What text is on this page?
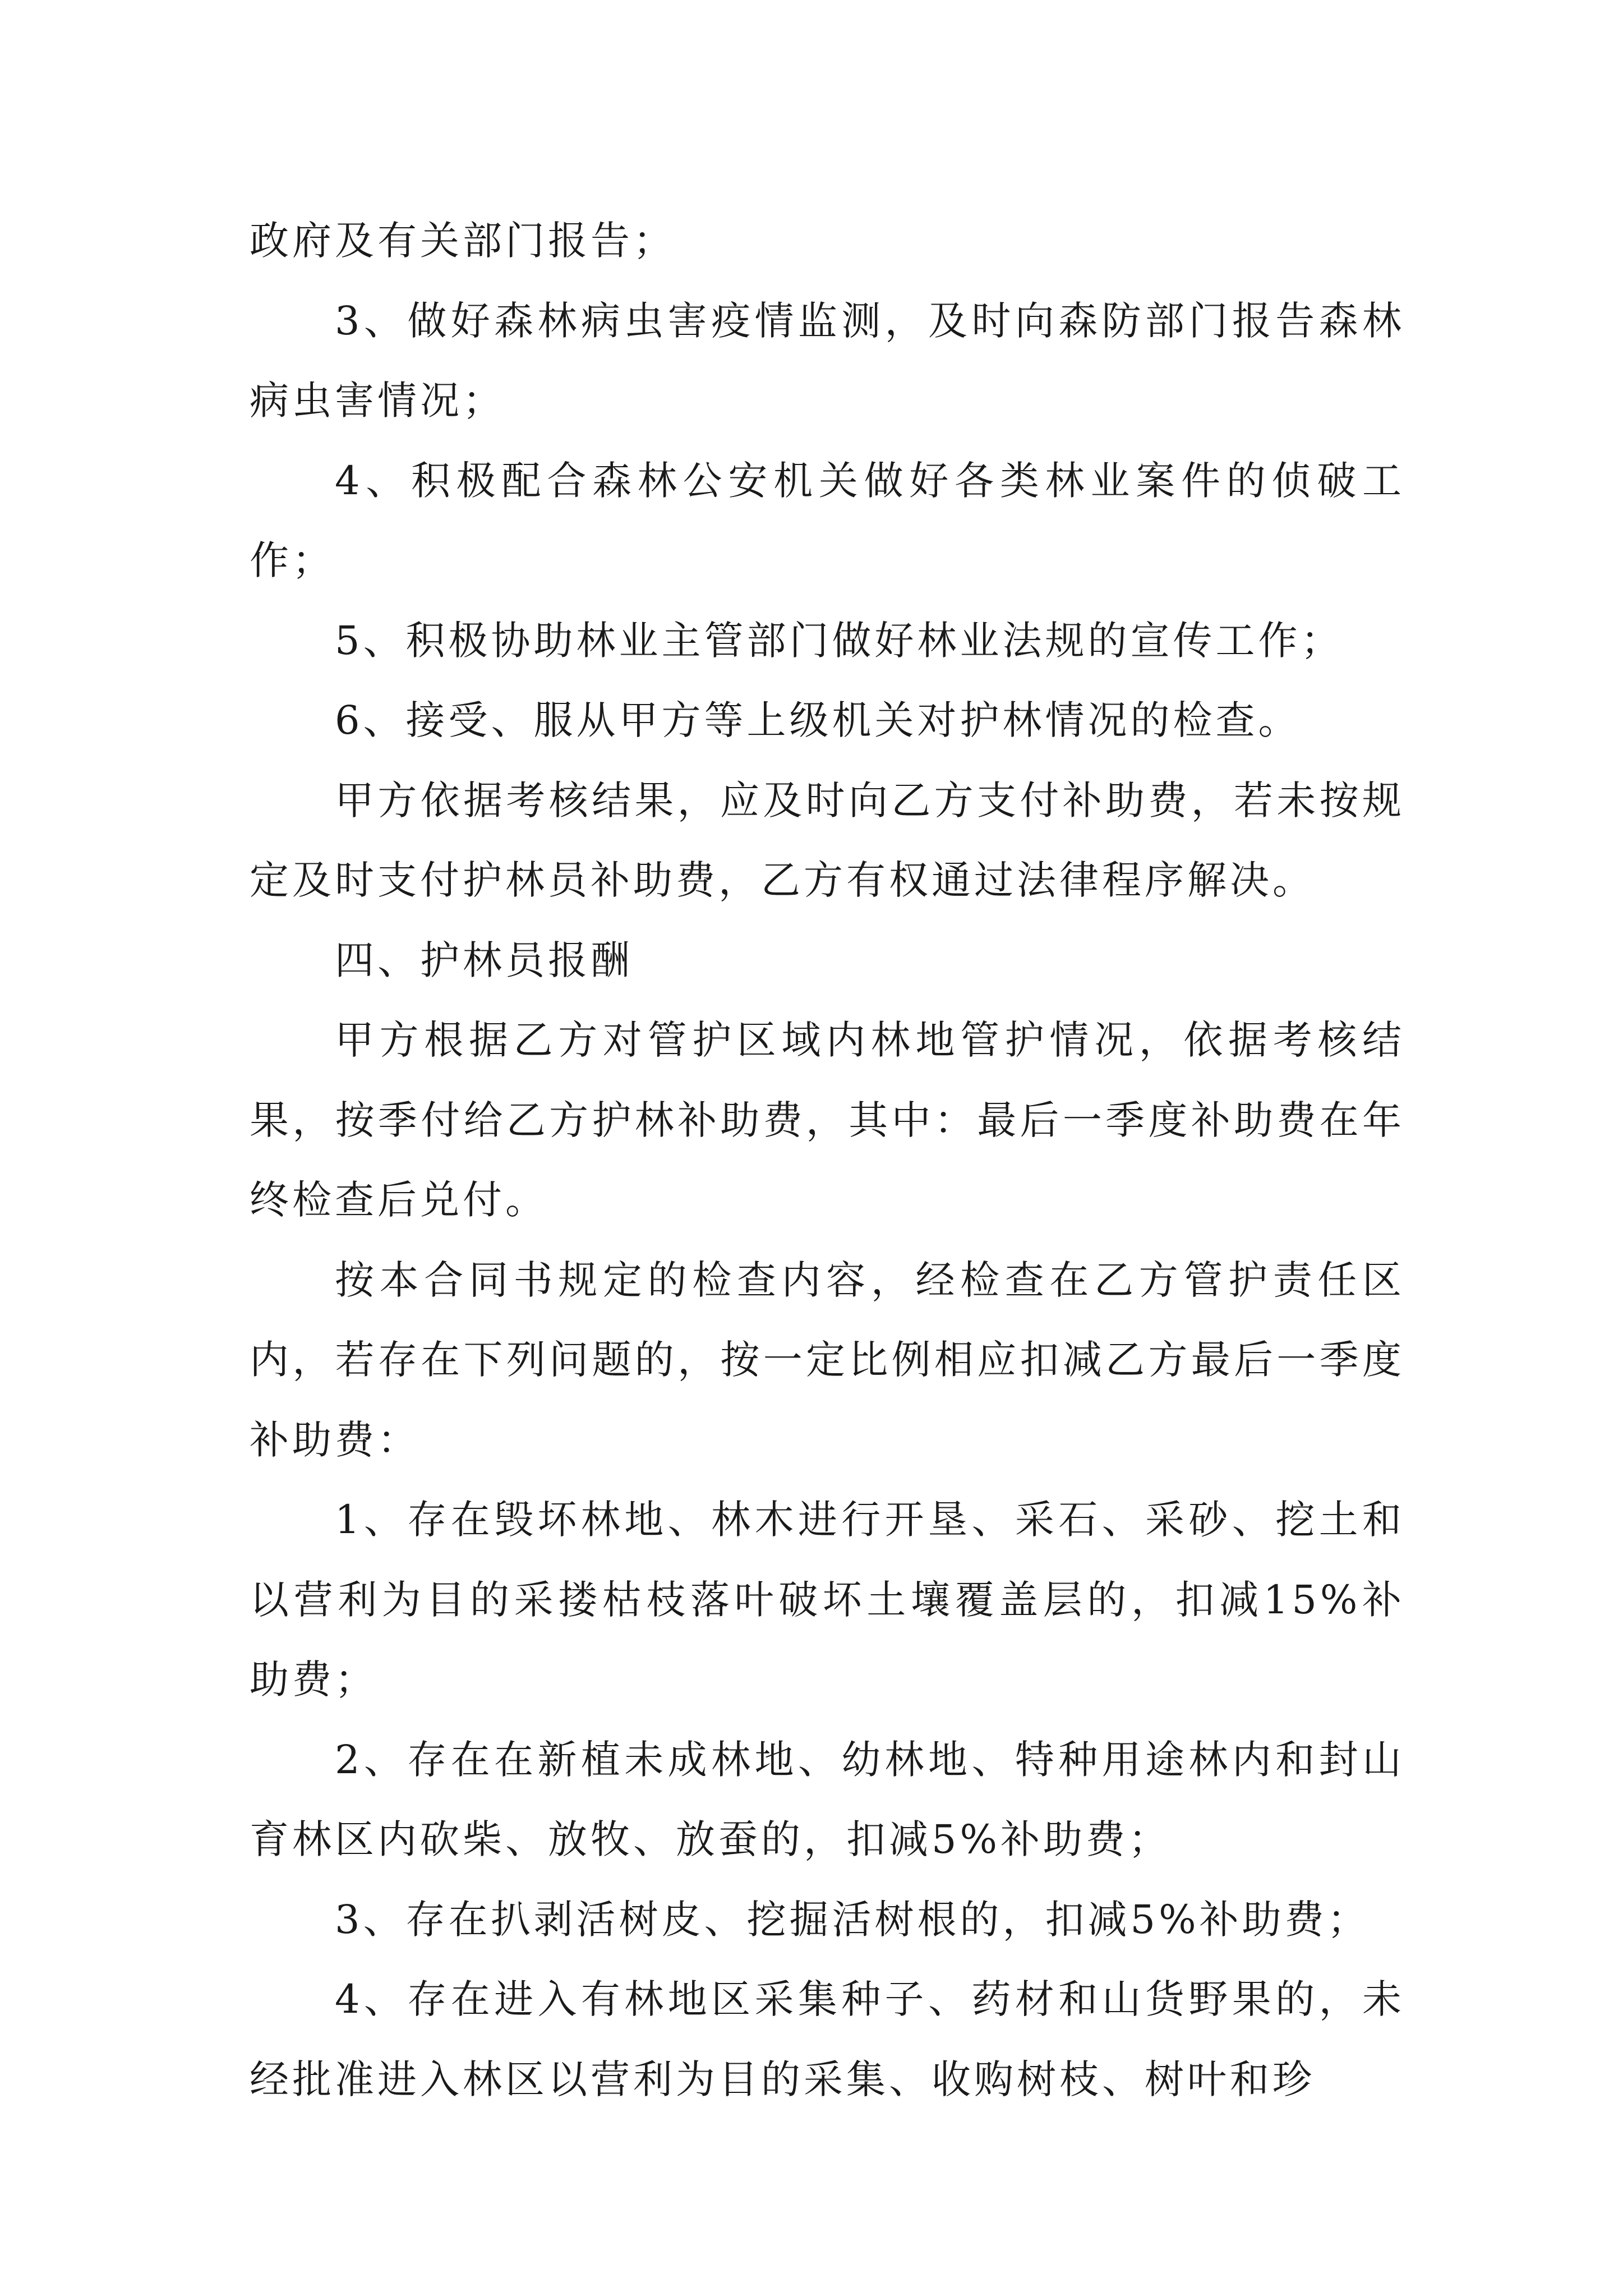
政府及有关部门报告；

3、做好森林病虫害疫情监测，及时向森防部门报告森林病虫害情况；

4、积极配合森林公安机关做好各类林业案件的侦破工作；

5、积极协助林业主管部门做好林业法规的宣传工作；

6、接受、服从甲方等上级机关对护林情况的检查。

甲方依据考核结果，应及时向乙方支付补助费，若未按规定及时支付护林员补助费，乙方有权通过法律程序解决。

四、护林员报酬

甲方根据乙方对管护区域内林地管护情况，依据考核结果，按季付给乙方护林补助费，其中：最后一季度补助费在年终检查后兑付。

按本合同书规定的检查内容，经检查在乙方管护责任区内，若存在下列问题的，按一定比例相应扣减乙方最后一季度补助费：

1、存在毁坏林地、林木进行开垦、采石、采砂、挖土和以营利为目的采搂枯枝落叶破坏土壤覆盖层的，扣减15%补助费；

2、存在在新植未成林地、幼林地、特种用途林内和封山育林区内砍柴、放牧、放蚕的，扣减5%补助费；

3、存在扒剥活树皮、挖掘活树根的，扣减5%补助费；

4、存在进入有林地区采集种子、药材和山货野果的，未经批准进入林区以营利为目的采集、收购树枝、树叶和珍
